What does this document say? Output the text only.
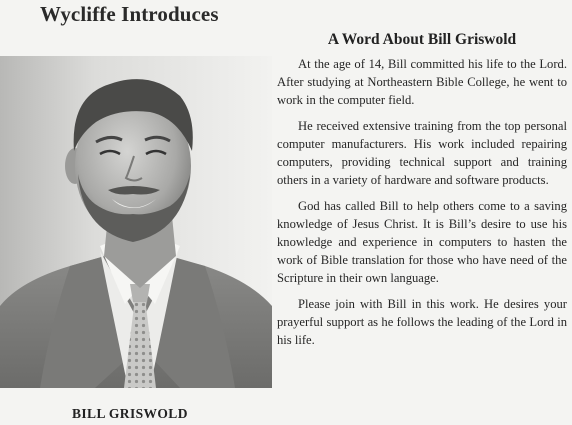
Wycliffe Introduces
BILL GRISWOLD
A Word About Bill Griswold

At the age of 14, Bill committed his life to the Lord. After studying at Northeastern Bible College, he went to work in the computer field.

He received extensive training from the top personal computer manufacturers. His work included repairing computers, providing technical support and training others in a variety of hardware and software products.

God has called Bill to help others come to a saving knowledge of Jesus Christ. It is Bill’s desire to use his knowledge and experience in computers to hasten the work of Bible translation for those who have need of the Scripture in their own language.

Please join with Bill in this work. He desires your prayerful support as he follows the leading of the Lord in his life.
